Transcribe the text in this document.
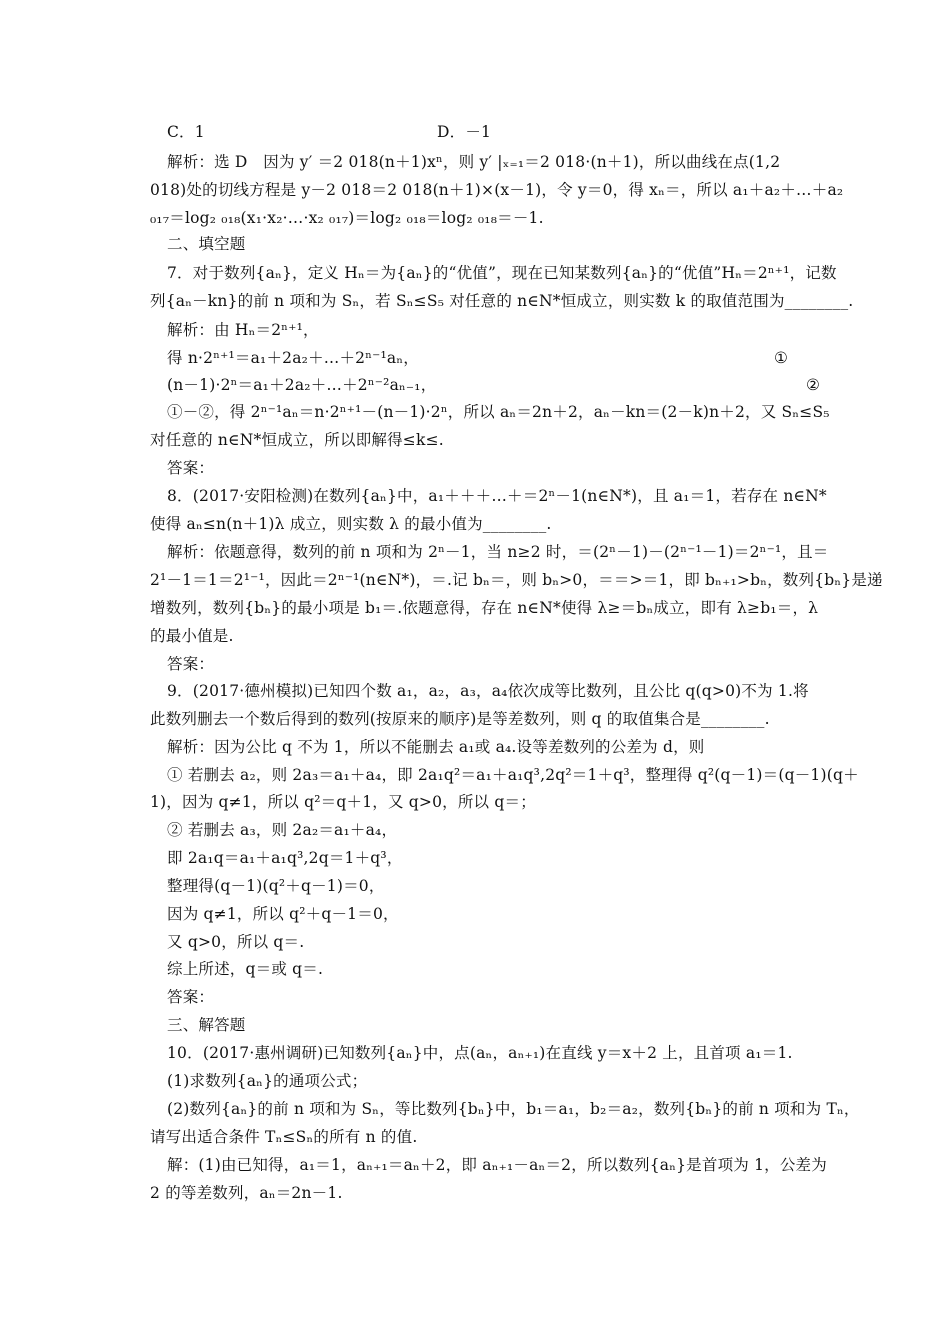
C．1	D．－1
解析：选 D　因为 y′ ＝2 018(n＋1)xⁿ，则 y′ |ₓ₌₁＝2 018·(n＋1)，所以曲线在点(1,2
018)处的切线方程是 y－2 018＝2 018(n＋1)×(x－1)，令 y＝0，得 xₙ＝，所以 a₁＋a₂＋…＋a₂
₀₁₇＝log₂ ₀₁₈(x₁·x₂·…·x₂ ₀₁₇)＝log₂ ₀₁₈＝log₂ ₀₁₈＝－1.
二、填空题
7．对于数列{aₙ}，定义 Hₙ＝为{aₙ}的“优值”，现在已知某数列{aₙ}的“优值”Hₙ＝2ⁿ⁺¹，记数
列{aₙ－kn}的前 n 项和为 Sₙ，若 Sₙ≤S₅ 对任意的 n∈N*恒成立，则实数 k 的取值范围为________.
解析：由 Hₙ＝2ⁿ⁺¹，
得 n·2ⁿ⁺¹＝a₁＋2a₂＋…＋2ⁿ⁻¹aₙ，	①
(n－1)·2ⁿ＝a₁＋2a₂＋…＋2ⁿ⁻²aₙ₋₁，	②
①－②，得 2ⁿ⁻¹aₙ＝n·2ⁿ⁺¹－(n－1)·2ⁿ，所以 aₙ＝2n＋2，aₙ－kn＝(2－k)n＋2，又 Sₙ≤S₅
对任意的 n∈N*恒成立，所以即解得≤k≤.
答案：
8．(2017·安阳检测)在数列{aₙ}中，a₁＋＋＋…＋＝2ⁿ－1(n∈N*)，且 a₁＝1，若存在 n∈N*
使得 aₙ≤n(n＋1)λ 成立，则实数 λ 的最小值为________.
解析：依题意得，数列的前 n 项和为 2ⁿ－1，当 n≥2 时，＝(2ⁿ－1)－(2ⁿ⁻¹－1)＝2ⁿ⁻¹，且＝
2¹－1＝1＝2¹⁻¹，因此＝2ⁿ⁻¹(n∈N*)，＝.记 bₙ＝，则 bₙ>0，＝＝>＝1，即 bₙ₊₁>bₙ，数列{bₙ}是递
增数列，数列{bₙ}的最小项是 b₁＝.依题意得，存在 n∈N*使得 λ≥＝bₙ成立，即有 λ≥b₁＝，λ
的最小值是.
答案：
9．(2017·德州模拟)已知四个数 a₁，a₂，a₃，a₄依次成等比数列，且公比 q(q>0)不为 1.将
此数列删去一个数后得到的数列(按原来的顺序)是等差数列，则 q 的取值集合是________.
解析：因为公比 q 不为 1，所以不能删去 a₁或 a₄.设等差数列的公差为 d，则
① 若删去 a₂，则 2a₃＝a₁＋a₄，即 2a₁q²＝a₁＋a₁q³,2q²＝1＋q³，整理得 q²(q－1)＝(q－1)(q＋
1)，因为 q≠1，所以 q²＝q＋1，又 q>0，所以 q＝；
② 若删去 a₃，则 2a₂＝a₁＋a₄，
即 2a₁q＝a₁＋a₁q³,2q＝1＋q³，
整理得(q－1)(q²＋q－1)＝0，
因为 q≠1，所以 q²＋q－1＝0，
又 q>0，所以 q＝.
综上所述，q＝或 q＝.
答案：
三、解答题
10．(2017·惠州调研)已知数列{aₙ}中，点(aₙ，aₙ₊₁)在直线 y＝x＋2 上，且首项 a₁＝1.
(1)求数列{aₙ}的通项公式；
(2)数列{aₙ}的前 n 项和为 Sₙ，等比数列{bₙ}中，b₁＝a₁，b₂＝a₂，数列{bₙ}的前 n 项和为 Tₙ，
请写出适合条件 Tₙ≤Sₙ的所有 n 的值.
解：(1)由已知得，a₁＝1，aₙ₊₁＝aₙ＋2，即 aₙ₊₁－aₙ＝2，所以数列{aₙ}是首项为 1，公差为
2 的等差数列，aₙ＝2n－1.
